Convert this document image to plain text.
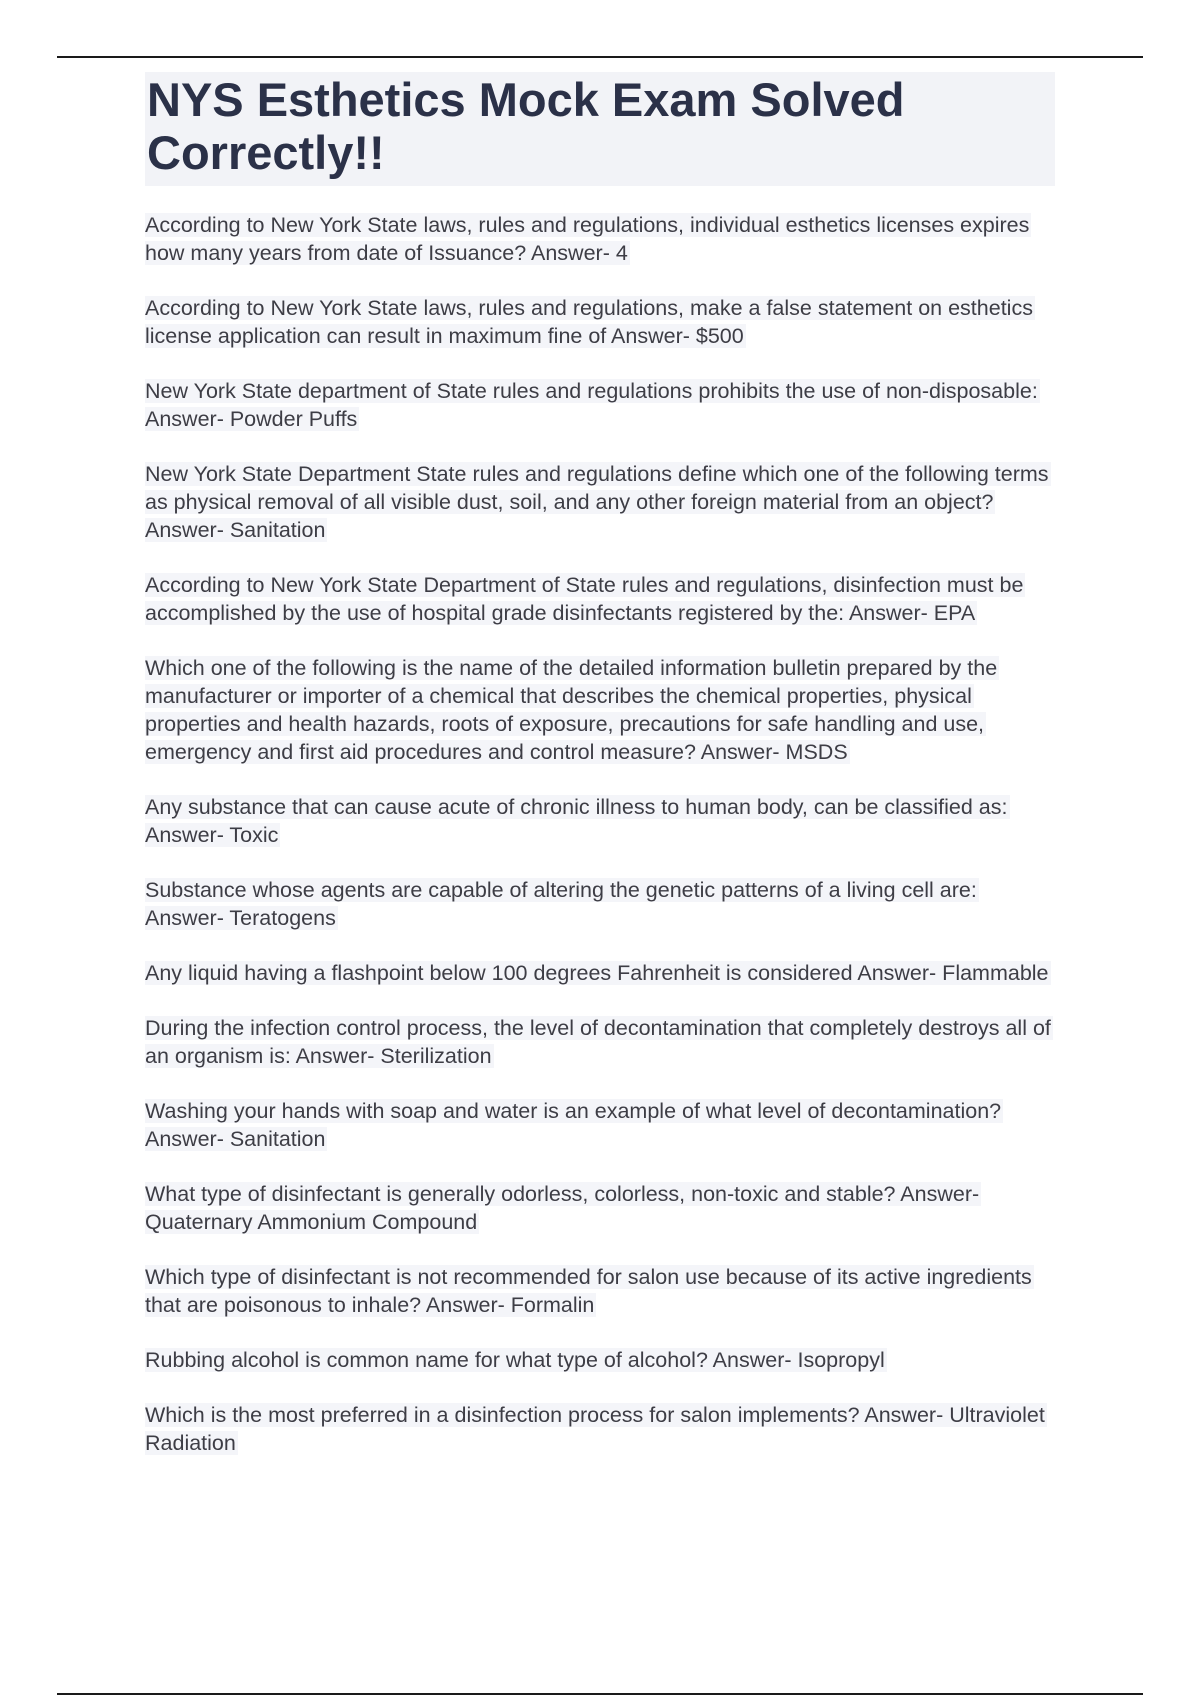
NYS Esthetics Mock Exam Solved Correctly!!

According to New York State laws, rules and regulations, individual esthetics licenses expires how many years from date of Issuance? Answer- 4

According to New York State laws, rules and regulations, make a false statement on esthetics license application can result in maximum fine of Answer- $500

New York State department of State rules and regulations prohibits the use of non-disposable: Answer- Powder Puffs

New York State Department State rules and regulations define which one of the following terms as physical removal of all visible dust, soil, and any other foreign material from an object? Answer- Sanitation

According to New York State Department of State rules and regulations, disinfection must be accomplished by the use of hospital grade disinfectants registered by the: Answer- EPA

Which one of the following is the name of the detailed information bulletin prepared by the manufacturer or importer of a chemical that describes the chemical properties, physical properties and health hazards, roots of exposure, precautions for safe handling and use, emergency and first aid procedures and control measure? Answer- MSDS

Any substance that can cause acute of chronic illness to human body, can be classified as: Answer- Toxic

Substance whose agents are capable of altering the genetic patterns of a living cell are: Answer- Teratogens

Any liquid having a flashpoint below 100 degrees Fahrenheit is considered Answer- Flammable

During the infection control process, the level of decontamination that completely destroys all of an organism is: Answer- Sterilization

Washing your hands with soap and water is an example of what level of decontamination? Answer- Sanitation

What type of disinfectant is generally odorless, colorless, non-toxic and stable? Answer- Quaternary Ammonium Compound

Which type of disinfectant is not recommended for salon use because of its active ingredients that are poisonous to inhale? Answer- Formalin

Rubbing alcohol is common name for what type of alcohol? Answer- Isopropyl

Which is the most preferred in a disinfection process for salon implements? Answer- Ultraviolet Radiation
